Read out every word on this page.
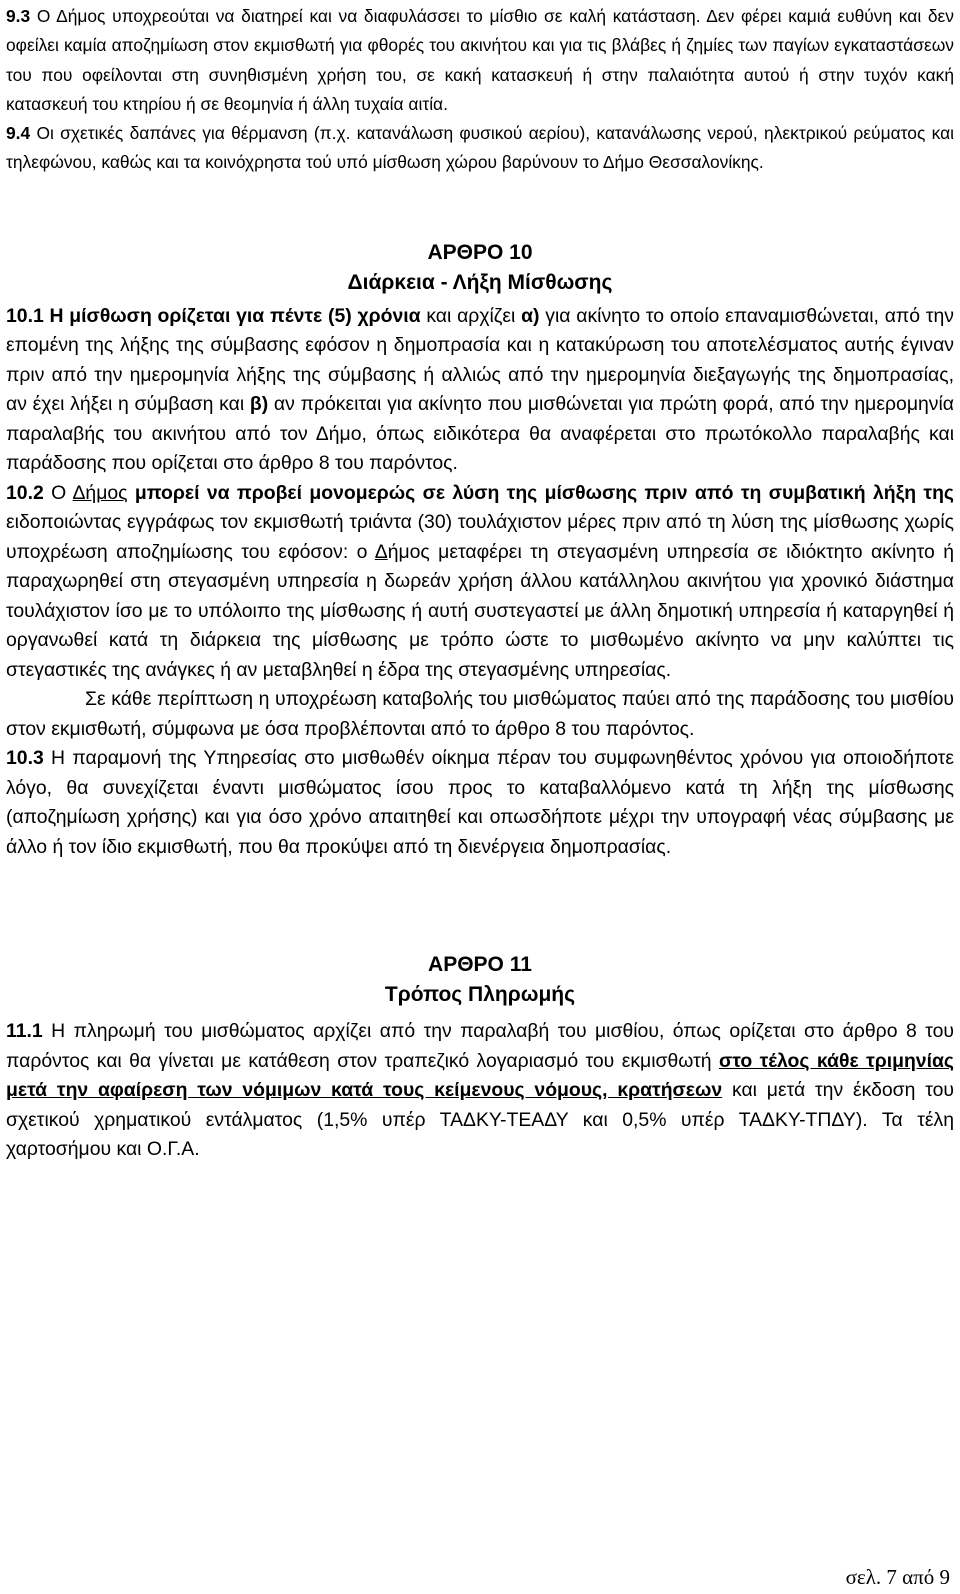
9.3 Ο Δήμος υποχρεούται να διατηρεί και να διαφυλάσσει το μίσθιο σε καλή κατάσταση. Δεν φέρει καμιά ευθύνη και δεν οφείλει καμία αποζημίωση στον εκμισθωτή για φθορές του ακινήτου και για τις βλάβες ή ζημίες των παγίων εγκαταστάσεων του που οφείλονται στη συνηθισμένη χρήση του, σε κακή κατασκευή ή στην παλαιότητα αυτού ή στην τυχόν κακή κατασκευή του κτηρίου ή σε θεομηνία ή άλλη τυχαία αιτία.

9.4 Οι σχετικές δαπάνες για θέρμανση (π.χ. κατανάλωση φυσικού αερίου), κατανάλωσης νερού, ηλεκτρικού ρεύματος και τηλεφώνου, καθώς και τα κοινόχρηστα τού υπό μίσθωση χώρου βαρύνουν το Δήμο Θεσσαλονίκης.

ΑΡΘΡΟ 10

Διάρκεια - Λήξη Μίσθωσης

10.1 Η μίσθωση ορίζεται για πέντε (5) χρόνια και αρχίζει α) για ακίνητο το οποίο επαναμισθώνεται, από την επομένη της λήξης της σύμβασης εφόσον η δημοπρασία και η κατακύρωση του αποτελέσματος αυτής έγιναν πριν από την ημερομηνία λήξης της σύμβασης ή αλλιώς από την ημερομηνία διεξαγωγής της δημοπρασίας, αν έχει λήξει η σύμβαση και β) αν πρόκειται για ακίνητο που μισθώνεται για πρώτη φορά, από την ημερομηνία παραλαβής του ακινήτου από τον Δήμο, όπως ειδικότερα θα αναφέρεται στο πρωτόκολλο παραλαβής και παράδοσης που ορίζεται στο άρθρο 8 του παρόντος.

10.2 Ο Δήμος μπορεί να προβεί μονομερώς σε λύση της μίσθωσης πριν από τη συμβατική λήξη της ειδοποιώντας εγγράφως τον εκμισθωτή τριάντα (30) τουλάχιστον μέρες πριν από τη λύση της μίσθωσης χωρίς υποχρέωση αποζημίωσης του εφόσον: ο Δήμος μεταφέρει τη στεγασμένη υπηρεσία σε ιδιόκτητο ακίνητο ή παραχωρηθεί στη στεγασμένη υπηρεσία η δωρεάν χρήση άλλου κατάλληλου ακινήτου για χρονικό διάστημα τουλάχιστον ίσο με το υπόλοιπο της μίσθωσης ή αυτή συστεγαστεί με άλλη δημοτική υπηρεσία ή καταργηθεί ή οργανωθεί κατά τη διάρκεια της μίσθωσης με τρόπο ώστε το μισθωμένο ακίνητο να μην καλύπτει τις στεγαστικές της ανάγκες ή αν μεταβληθεί η έδρα της στεγασμένης υπηρεσίας.

Σε κάθε περίπτωση η υποχρέωση καταβολής του μισθώματος παύει από της παράδοσης του μισθίου στον εκμισθωτή, σύμφωνα με όσα προβλέποντα​ι από το άρθρο 8 του παρόντος.

10.3 Η παραμονή της Υπηρεσίας στο μισθωθέν οίκημα πέραν του συμφωνηθέντος χρόνου για οποιοδήποτε λόγο, θα συνεχίζεται έναντι μισθώματος ίσου προς το καταβαλλόμενο κατά τη λήξη της μίσθωσης (αποζημίωση χρήσης) και για όσο χρόνο απαιτηθεί και οπωσδήποτε μέχρι την υπογραφή νέας σύμβασης με άλλο ή τον ίδιο εκμισθωτή, που θα προκύψει από τη διενέργεια δημοπρασίας.

ΑΡΘΡΟ 11

Τρόπος Πληρωμής

11.1 Η πληρωμή του μισθώματος αρχίζει από την παραλαβή του μισθίου, όπως ορίζεται στο άρθρο 8 του παρόντος και θα γίνεται με κατάθεση στον τραπεζικό λογαριασμό του εκμισθωτή στο τέλος κάθε τριμηνίας μετά την αφαίρεση των νόμιμων κατά τους κείμενους νόμους, κρατήσεων και μετά την έκδοση του σχετικού χρηματικού εντάλματος (1,5% υπέρ ΤΑΔΚΥ-ΤΕΑΔΥ και 0,5% υπέρ ΤΑΔΚΥ-ΤΠΔΥ). Τα τέλη χαρτοσήμου και Ο.Γ.Α.

σελ. 7 από 9
